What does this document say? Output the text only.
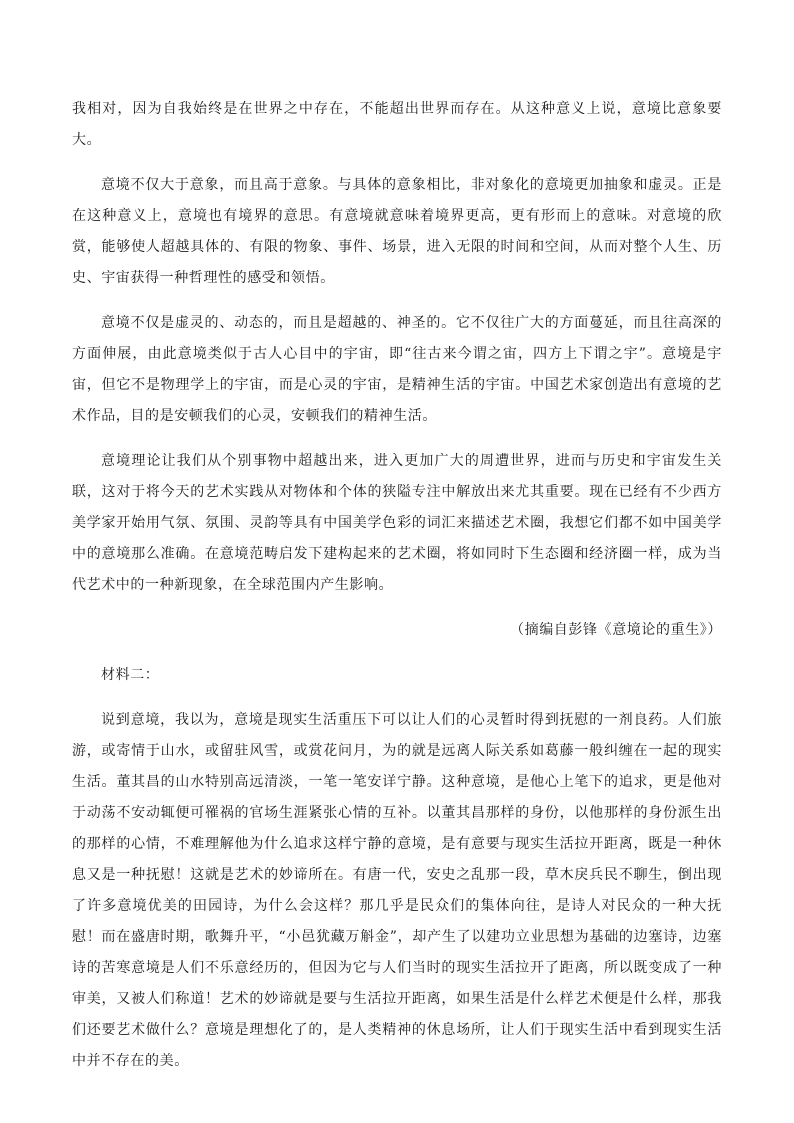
我相对，因为自我始终是在世界之中存在，不能超出世界而存在。从这种意义上说，意境比意象要大。

意境不仅大于意象，而且高于意象。与具体的意象相比，非对象化的意境更加抽象和虚灵。正是在这种意义上，意境也有境界的意思。有意境就意味着境界更高，更有形而上的意味。对意境的欣赏，能够使人超越具体的、有限的物象、事件、场景，进入无限的时间和空间，从而对整个人生、历史、宇宙获得一种哲理性的感受和领悟。

意境不仅是虚灵的、动态的，而且是超越的、神圣的。它不仅往广大的方面蔓延，而且往高深的方面伸展，由此意境类似于古人心目中的宇宙，即“往古来今谓之宙，四方上下谓之宇”。意境是宇宙，但它不是物理学上的宇宙，而是心灵的宇宙，是精神生活的宇宙。中国艺术家创造出有意境的艺术作品，目的是安顿我们的心灵，安顿我们的精神生活。

意境理论让我们从个别事物中超越出来，进入更加广大的周遭世界，进而与历史和宇宙发生关联，这对于将今天的艺术实践从对物体和个体的狭隘专注中解放出来尤其重要。现在已经有不少西方美学家开始用气氛、氛围、灵韵等具有中国美学色彩的词汇来描述艺术圈，我想它们都不如中国美学中的意境那么准确。在意境范畴启发下建构起来的艺术圈，将如同时下生态圈和经济圈一样，成为当代艺术中的一种新现象，在全球范围内产生影响。

（摘编自彭锋《意境论的重生》）

材料二：

说到意境，我以为，意境是现实生活重压下可以让人们的心灵暂时得到抚慰的一剂良药。人们旅游，或寄情于山水，或留驻风雪，或赏花问月，为的就是远离人际关系如葛藤一般纠缠在一起的现实生活。董其昌的山水特别高远清淡，一笔一笔安详宁静。这种意境，是他心上笔下的追求，更是他对于动荡不安动辄便可罹祸的官场生涯紧张心情的互补。以董其昌那样的身份，以他那样的身份派生出的那样的心情，不难理解他为什么追求这样宁静的意境，是有意要与现实生活拉开距离，既是一种休息又是一种抚慰！这就是艺术的妙谛所在。有唐一代，安史之乱那一段，草木戾兵民不聊生，倒出现了许多意境优美的田园诗，为什么会这样？那几乎是民众们的集体向往，是诗人对民众的一种大抚慰！而在盛唐时期，歌舞升平，“小邑犹藏万斛金”，却产生了以建功立业思想为基础的边塞诗，边塞诗的苦寒意境是人们不乐意经历的，但因为它与人们当时的现实生活拉开了距离，所以既变成了一种审美，又被人们称道！艺术的妙谛就是要与生活拉开距离，如果生活是什么样艺术便是什么样，那我们还要艺术做什么？意境是理想化了的，是人类精神的休息场所，让人们于现实生活中看到现实生活中并不存在的美。
